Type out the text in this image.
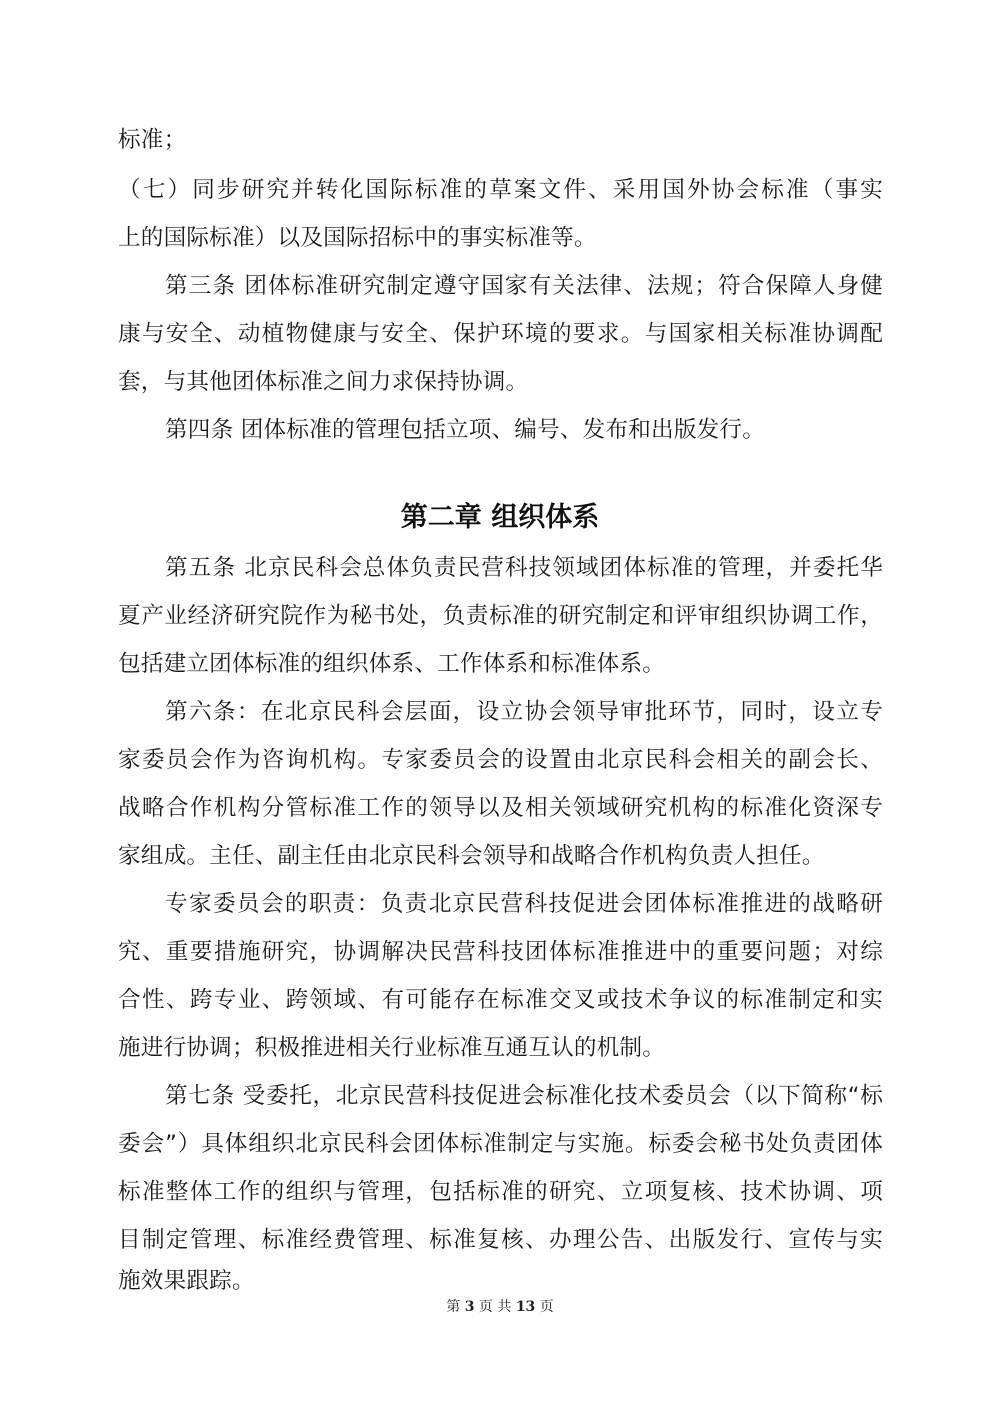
标准；
（七）同步研究并转化国际标准的草案文件、采用国外协会标准（事实
上的国际标准）以及国际招标中的事实标准等。
第三条 团体标准研究制定遵守国家有关法律、法规；符合保障人身健
康与安全、动植物健康与安全、保护环境的要求。与国家相关标准协调配
套，与其他团体标准之间力求保持协调。
第四条 团体标准的管理包括立项、编号、发布和出版发行。
第二章 组织体系
第五条 北京民科会总体负责民营科技领域团体标准的管理，并委托华
夏产业经济研究院作为秘书处，负责标准的研究制定和评审组织协调工作，
包括建立团体标准的组织体系、工作体系和标准体系。
第六条：在北京民科会层面，设立协会领导审批环节，同时，设立专
家委员会作为咨询机构。专家委员会的设置由北京民科会相关的副会长、
战略合作机构分管标准工作的领导以及相关领域研究机构的标准化资深专
家组成。主任、副主任由北京民科会领导和战略合作机构负责人担任。
专家委员会的职责：负责北京民营科技促进会团体标准推进的战略研
究、重要措施研究，协调解决民营科技团体标准推进中的重要问题；对综
合性、跨专业、跨领域、有可能存在标准交叉或技术争议的标准制定和实
施进行协调；积极推进相关行业标准互通互认的机制。
第七条 受委托，北京民营科技促进会标准化技术委员会（以下简称“标
委会”）具体组织北京民科会团体标准制定与实施。标委会秘书处负责团体
标准整体工作的组织与管理，包括标准的研究、立项复核、技术协调、项
目制定管理、标准经费管理、标准复核、办理公告、出版发行、宣传与实
施效果跟踪。
第 3 页 共 13 页
